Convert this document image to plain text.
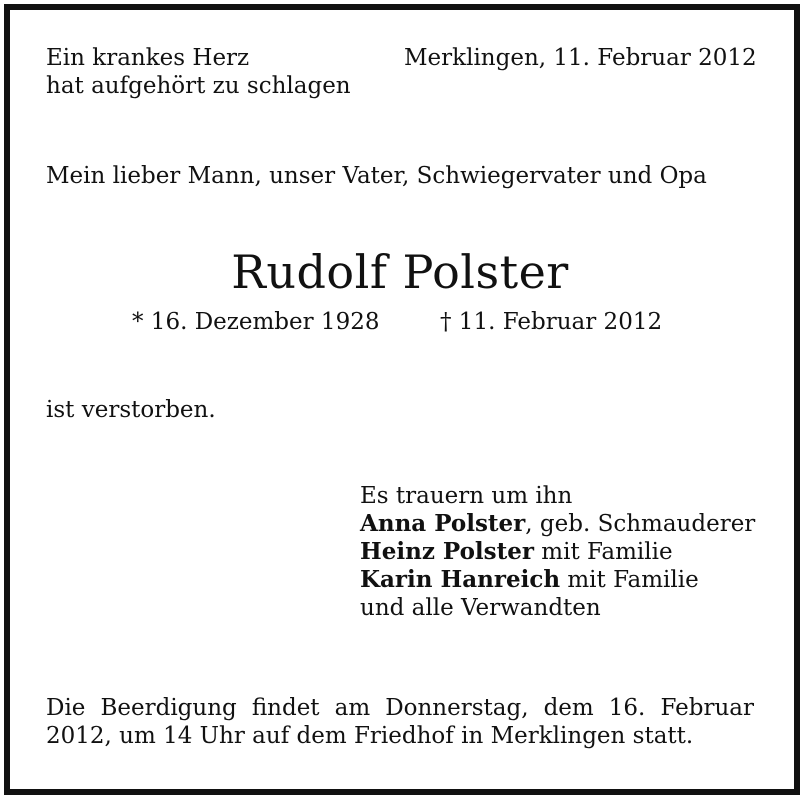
Ein krankes Herz
hat aufgehört zu schlagen
Merklingen, 11. Februar 2012
Mein lieber Mann, unser Vater, Schwiegervater und Opa
Rudolf Polster
* 16. Dezember 1928	† 11. Februar 2012
ist verstorben.
Es trauern um ihn
Anna Polster, geb. Schmauderer
Heinz Polster mit Familie
Karin Hanreich mit Familie
und alle Verwandten
Die Beerdigung findet am Donnerstag, dem 16. Februar
2012, um 14 Uhr auf dem Friedhof in Merklingen statt.
